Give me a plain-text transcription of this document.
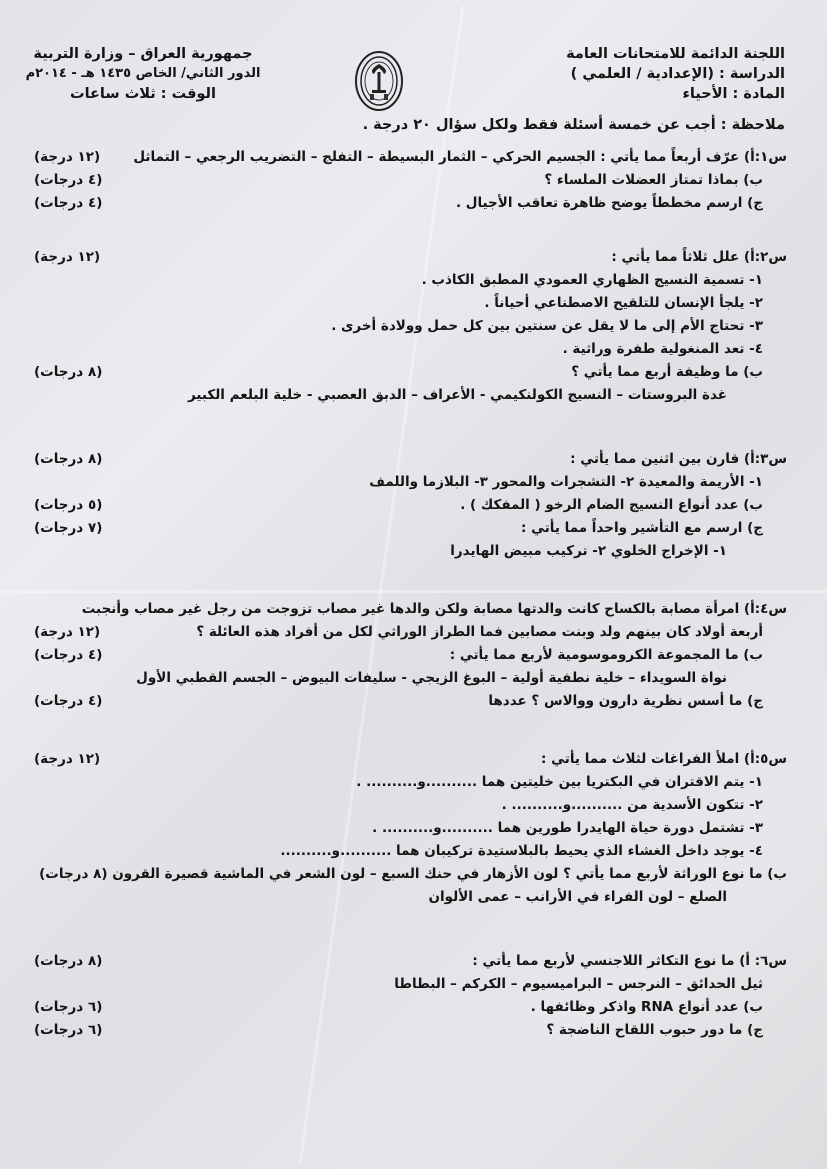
اللجنة الدائمة للامتحانات العامة
الدراسة : (الإعدادية / العلمي )
المادة : الأحياء
جمهورية العراق – وزارة التربية
الدور الثاني/ الخاص ١٤٣٥ هـ - ٢٠١٤م
الوقت : ثلاث ساعات
ملاحظة : أجب عن خمسة أسئلة فقط ولكل سؤال ٢٠ درجة .
س١:أ) عرّف أربعاً مما يأتي : الجسيم الحركي – الثمار البسيطة – التفلج – التضريب الرجعي – التماثل
(١٢ درجة)
ب) بماذا تمتاز العضلات الملساء ؟
(٤ درجات)
ج) ارسم مخططاً يوضح ظاهرة تعاقب الأجيال .
(٤ درجات)
س٢:أ) علل ثلاثاً مما يأتي :
(١٢ درجة)
١- تسمية النسيج الظهاري العمودي المطبق الكاذب .
٢- يلجأ الإنسان للتلقيح الاصطناعي أحياناً .
٣- تحتاج الأم إلى ما لا يقل عن سنتين بين كل حمل وولادة أخرى .
٤- تعد المنغولية طفرة وراثية .
ب) ما وظيفة أربع مما يأتي ؟
(٨ درجات)
غدة البروستات – النسيج الكولنكيمي - الأعراف – الدبق العصبي - خلية البلعم الكبير
س٣:أ) قارن بين اثنين مما يأتي :
(٨ درجات)
١- الأريمة والمعيدة ٢- التشجرات والمحور ٣- البلازما واللمف
ب) عدد أنواع النسيج الضام الرخو ( المفكك ) .
(٥ درجات)
ج) ارسم مع التأشير واحداً مما يأتي :
(٧ درجات)
١- الإخراج الخلوي ٢- تركيب مبيض الهايدرا
س٤:أ) امرأة مصابة بالكساح كانت والدتها مصابة ولكن والدها غير مصاب تزوجت من رجل غير مصاب وأنجبت
أربعة أولاد كان بينهم ولد وبنت مصابين فما الطراز الوراثي لكل من أفراد هذه العائلة ؟
(١٢ درجة)
ب) ما المجموعة الكروموسومية لأربع مما يأتي :
(٤ درجات)
نواة السويداء – خلية نطفية أولية – البوغ الزيجي - سليفات البيوض – الجسم القطبي الأول
ج) ما أسس نظرية دارون ووالاس ؟ عددها
(٤ درجات)
س٥:أ) املأ الفراغات لثلاث مما يأتي :
(١٢ درجة)
١- يتم الاقتران في البكتريا بين خليتين هما ..........و.......... .
٢- تتكون الأسدية من ..........و.......... .
٣- تشتمل دورة حياة الهايدرا طورين هما ..........و.......... .
٤- يوجد داخل الغشاء الذي يحيط بالبلاستيدة تركيبان هما ..........و..........
ب) ما نوع الوراثة لأربع مما يأتي ؟ لون الأزهار في حنك السبع – لون الشعر في الماشية قصيرة القرون (٨ درجات)
الصلع – لون الفراء في الأرانب – عمى الألوان
س٦: أ) ما نوع التكاثر اللاجنسي لأربع مما يأتي :
(٨ درجات)
ثيل الحدائق – النرجس – البراميسيوم – الكركم – البطاطا
ب) عدد أنواع RNA واذكر وظائفها .
(٦ درجات)
ج) ما دور حبوب اللقاح الناضجة ؟
(٦ درجات)
